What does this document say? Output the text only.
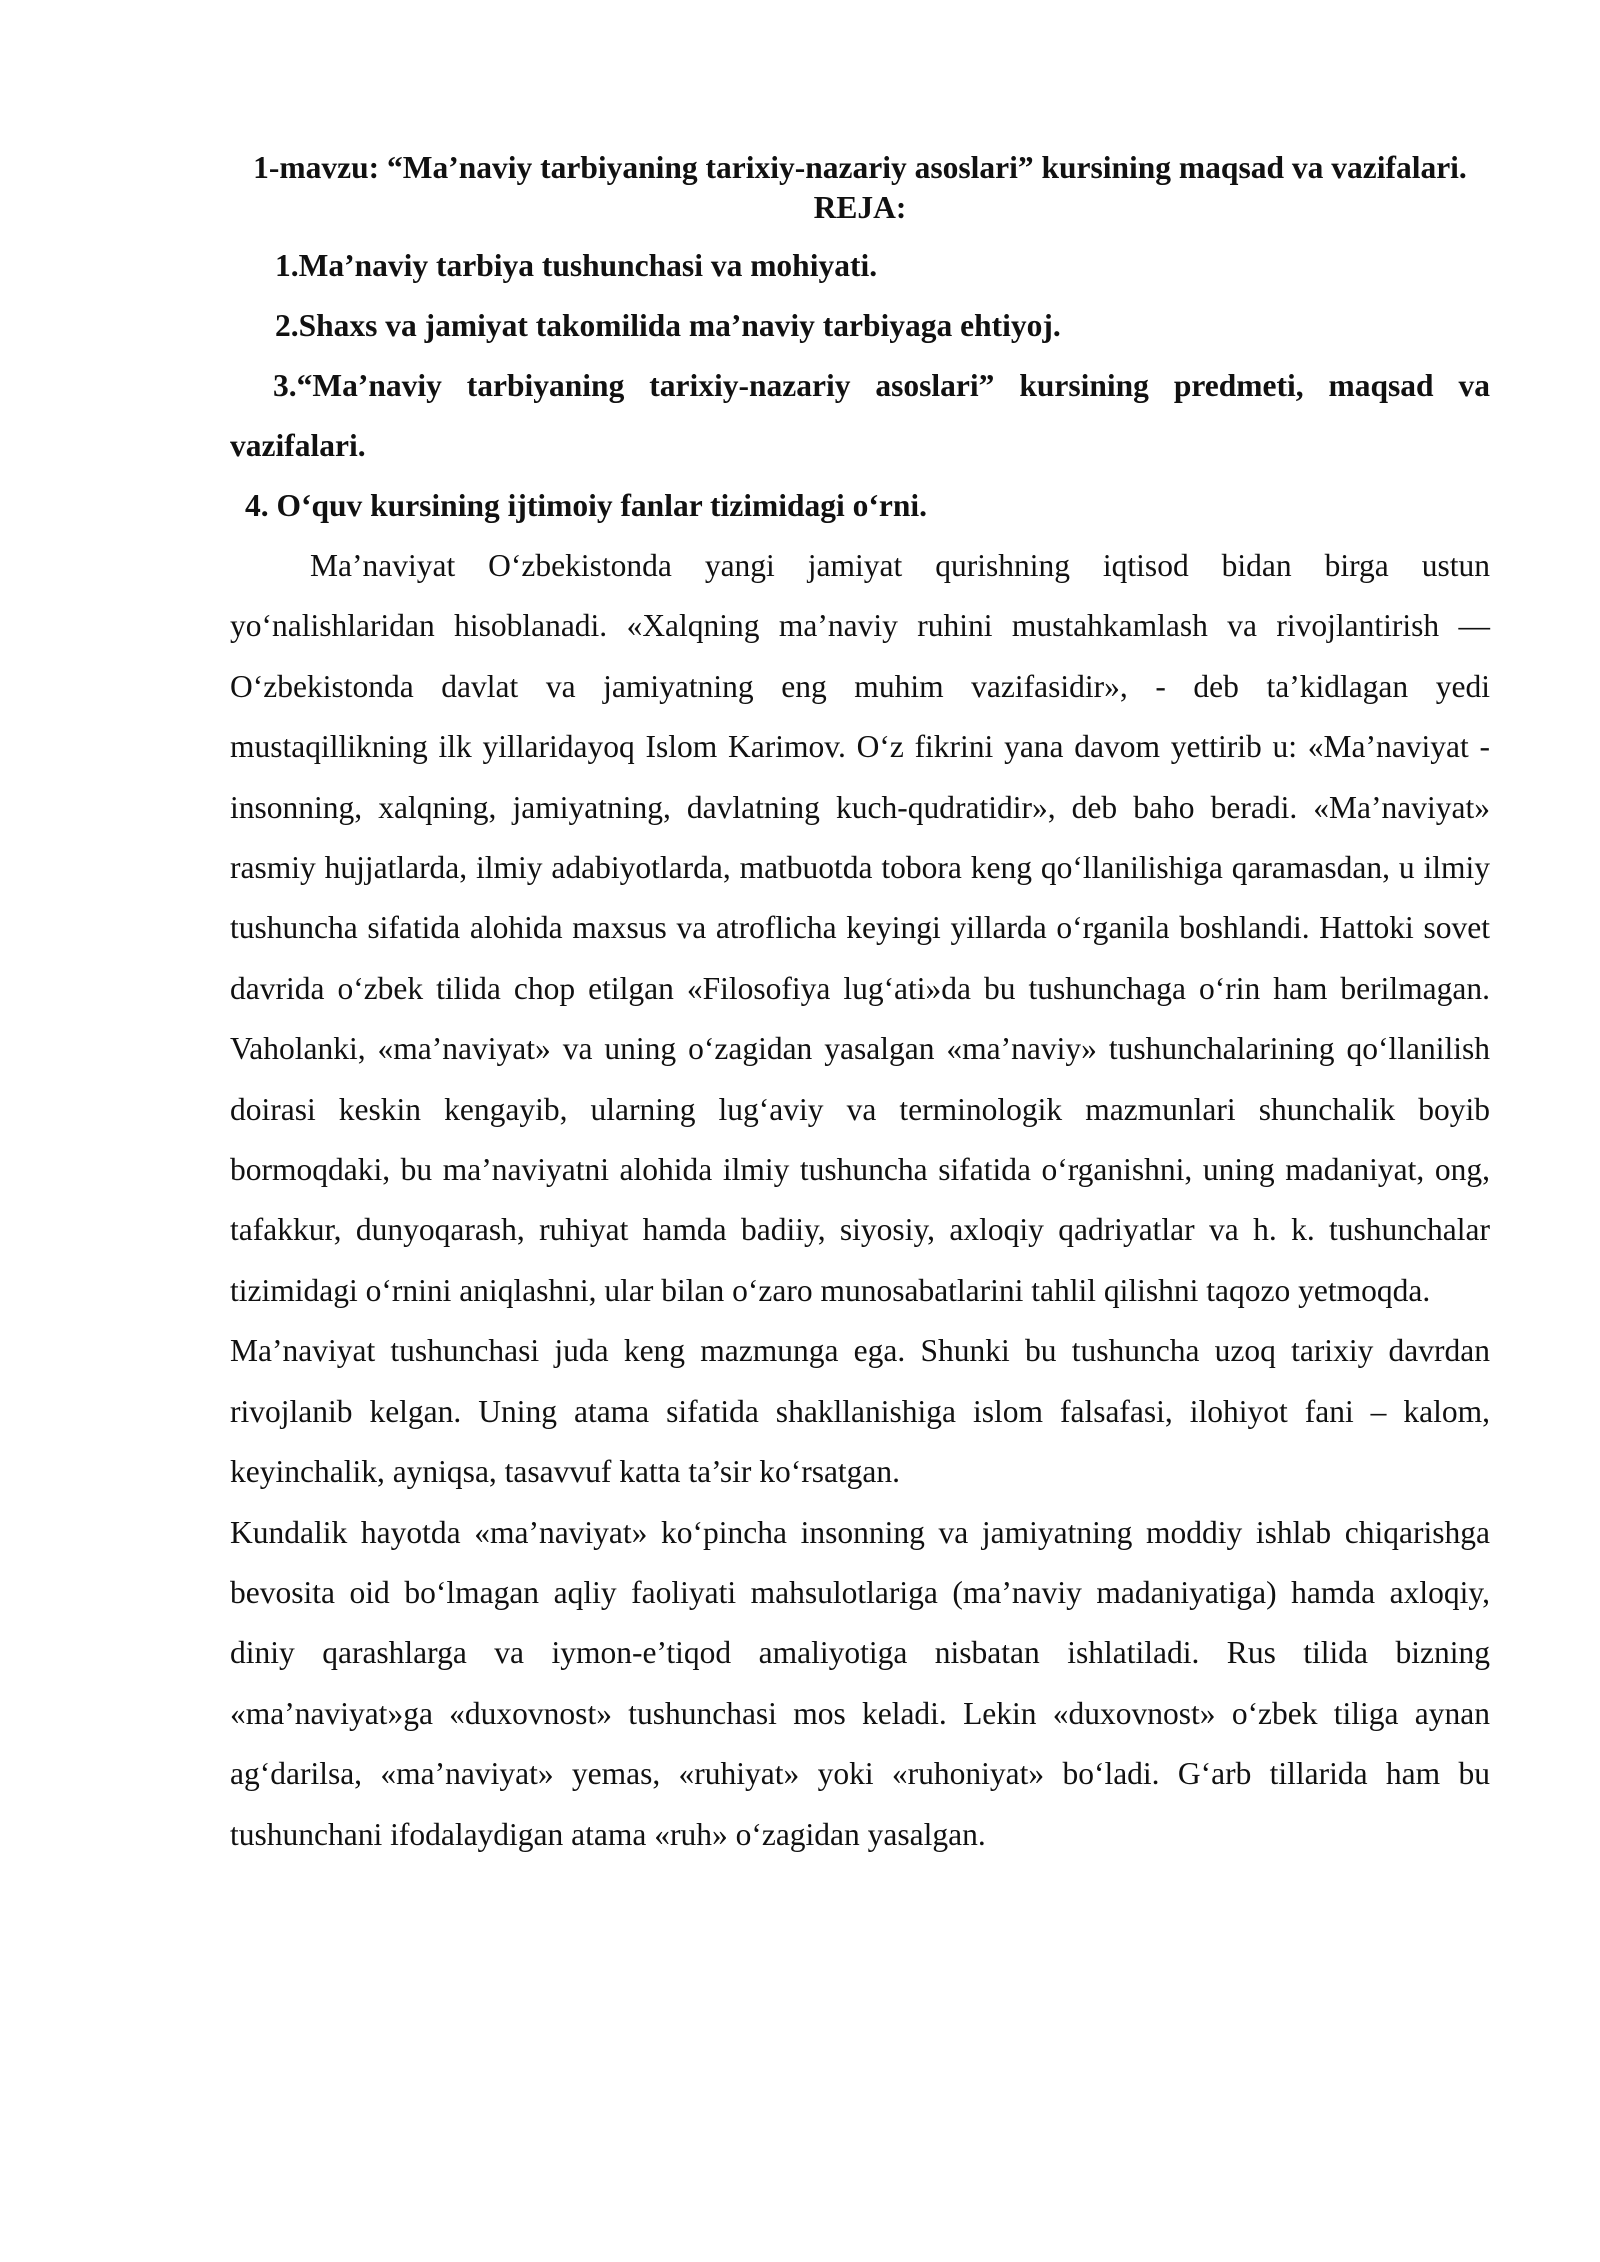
1-mavzu: “Ma’naviy tarbiyaning tarixiy-nazariy asoslari” kursining maqsad va vazifalari.

REJA:

1.Ma’naviy tarbiya tushunchasi va mohiyati.

2.Shaxs va jamiyat takomilida ma’naviy tarbiyaga ehtiyoj.

3.“Ma’naviy tarbiyaning tarixiy-nazariy asoslari” kursining predmeti, maqsad va vazifalari.

4. O‘quv kursining ijtimoiy fanlar tizimidagi o‘rni.

Ma’naviyat O‘zbekistonda yangi jamiyat qurishning iqtisod bidan birga ustun yo‘nalishlaridan hisoblanadi. «Xalqning ma’naviy ruhini mustahkamlash va rivojlantirish — O‘zbekistonda davlat va jamiyatning eng muhim vazifasidir», - deb ta’kidlagan yedi mustaqillikning ilk yillaridayoq Islom Karimov. O‘z fikrini yana davom yettirib u: «Ma’naviyat - insonning, xalqning, jamiyatning, davlatning kuch-qudratidir», deb baho beradi. «Ma’naviyat» rasmiy hujjatlarda, ilmiy adabiyotlarda, matbuotda tobora keng qo‘llanilishiga qaramasdan, u ilmiy tushuncha sifatida alohida maxsus va atroflicha keyingi yillarda o‘rganila boshlandi. Hattoki sovet davrida o‘zbek tilida chop etilgan «Filosofiya lug‘ati»da bu tushunchaga o‘rin ham berilmagan. Vaholanki, «ma’naviyat» va uning o‘zagidan yasalgan «ma’naviy» tushunchalarining qo‘llanilish doirasi keskin kengayib, ularning lug‘aviy va terminologik mazmunlari shunchalik boyib bormoqdaki, bu ma’naviyatni alohida ilmiy tushuncha sifatida o‘rganishni, uning madaniyat, ong, tafakkur, dunyoqarash, ruhiyat hamda badiiy, siyosiy, axloqiy qadriyatlar va h. k. tushunchalar tizimidagi o‘rnini aniqlashni, ular bilan o‘zaro munosabatlarini tahlil qilishni taqozo yetmoqda.

Ma’naviyat tushunchasi juda keng mazmunga ega. Shunki bu tushuncha uzoq tarixiy davrdan rivojlanib kelgan. Uning atama sifatida shakllanishiga islom falsafasi, ilohiyot fani – kalom, keyinchalik, ayniqsa, tasavvuf katta ta’sir ko‘rsatgan.

Kundalik hayotda «ma’naviyat» ko‘pincha insonning va jamiyatning moddiy ishlab chiqarishga bevosita oid bo‘lmagan aqliy faoliyati mahsulotlariga (ma’naviy madaniyatiga) hamda axloqiy, diniy qarashlarga va iymon-e’tiqod amaliyotiga nisbatan ishlatiladi. Rus tilida bizning «ma’naviyat»ga «duxovnost» tushunchasi mos keladi. Lekin «duxovnost» o‘zbek tiliga aynan ag‘darilsa, «ma’naviyat» yemas, «ruhiyat» yoki «ruhoniyat» bo‘ladi. G‘arb tillarida ham bu tushunchani ifodalaydigan atama «ruh» o‘zagidan yasalgan.
